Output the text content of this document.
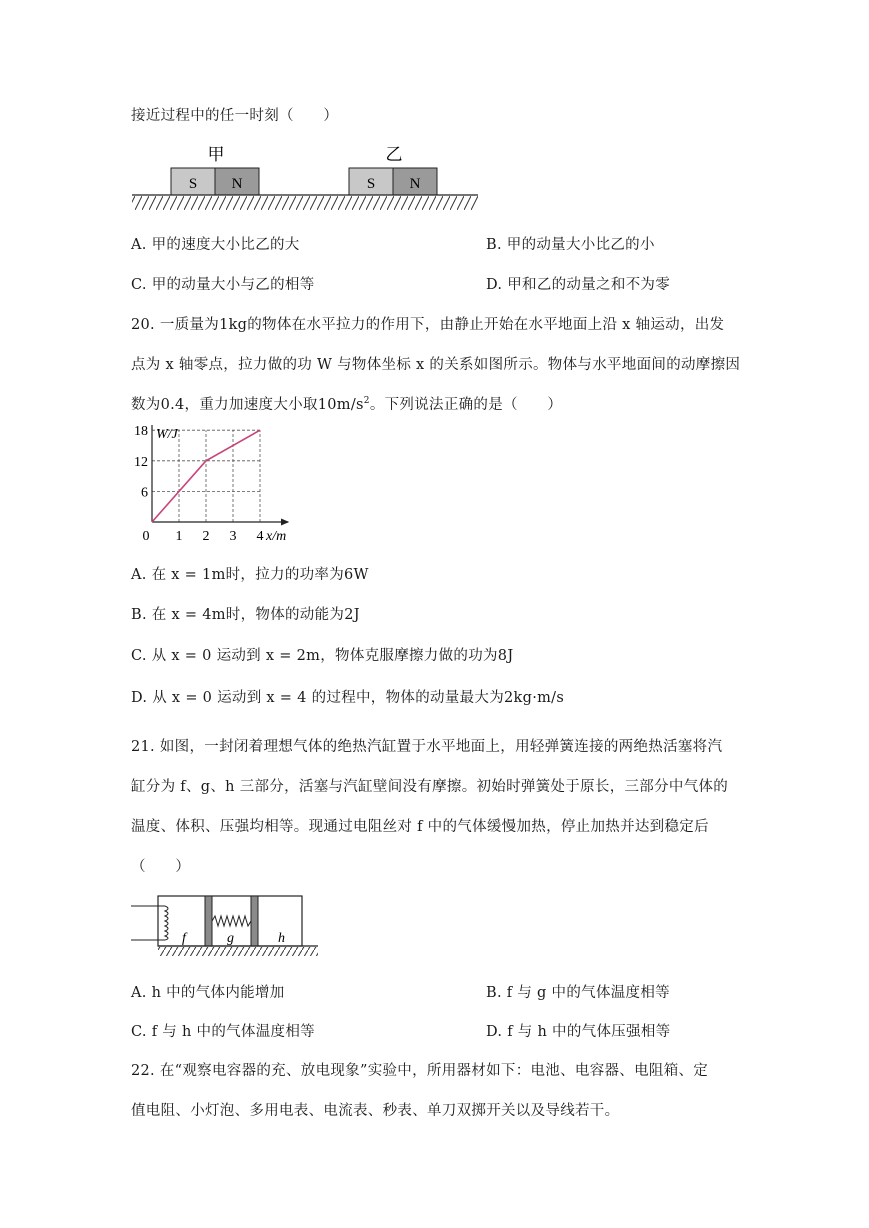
接近过程中的任一时刻（　　）
甲	乙
S N	S N
A. 甲的速度大小比乙的大	B. 甲的动量大小比乙的小
C. 甲的动量大小与乙的相等	D. 甲和乙的动量之和不为零
20. 一质量为1kg的物体在水平拉力的作用下，由静止开始在水平地面上沿 x 轴运动，出发
点为 x 轴零点，拉力做的功 W 与物体坐标 x 的关系如图所示。物体与水平地面间的动摩擦因
数为0.4，重力加速度大小取$10m/s^2$。下列说法正确的是（　　）
6
12
18
0 1 2 3 4
W/J
x/m
A. 在 x = 1m时，拉力的功率为6W
B. 在 x = 4m时，物体的动能为2J
C. 从 x = 0 运动到 x = 2m，物体克服摩擦力做的功为8J
D. 从 x = 0 运动到 x = 4 的过程中，物体的动量最大为2kg·m/s
21. 如图，一封闭着理想气体的绝热汽缸置于水平地面上，用轻弹簧连接的两绝热活塞将汽
缸分为 f、g、h 三部分，活塞与汽缸壁间没有摩擦。初始时弹簧处于原长，三部分中气体的
温度、体积、压强均相等。现通过电阻丝对 f 中的气体缓慢加热，停止加热并达到稳定后
（　　）
f	g	h
A. h 中的气体内能增加	B. f 与 g 中的气体温度相等
C. f 与 h 中的气体温度相等	D. f 与 h 中的气体压强相等
22. 在“观察电容器的充、放电现象”实验中，所用器材如下：电池、电容器、电阻箱、定
值电阻、小灯泡、多用电表、电流表、秒表、单刀双掷开关以及导线若干。
